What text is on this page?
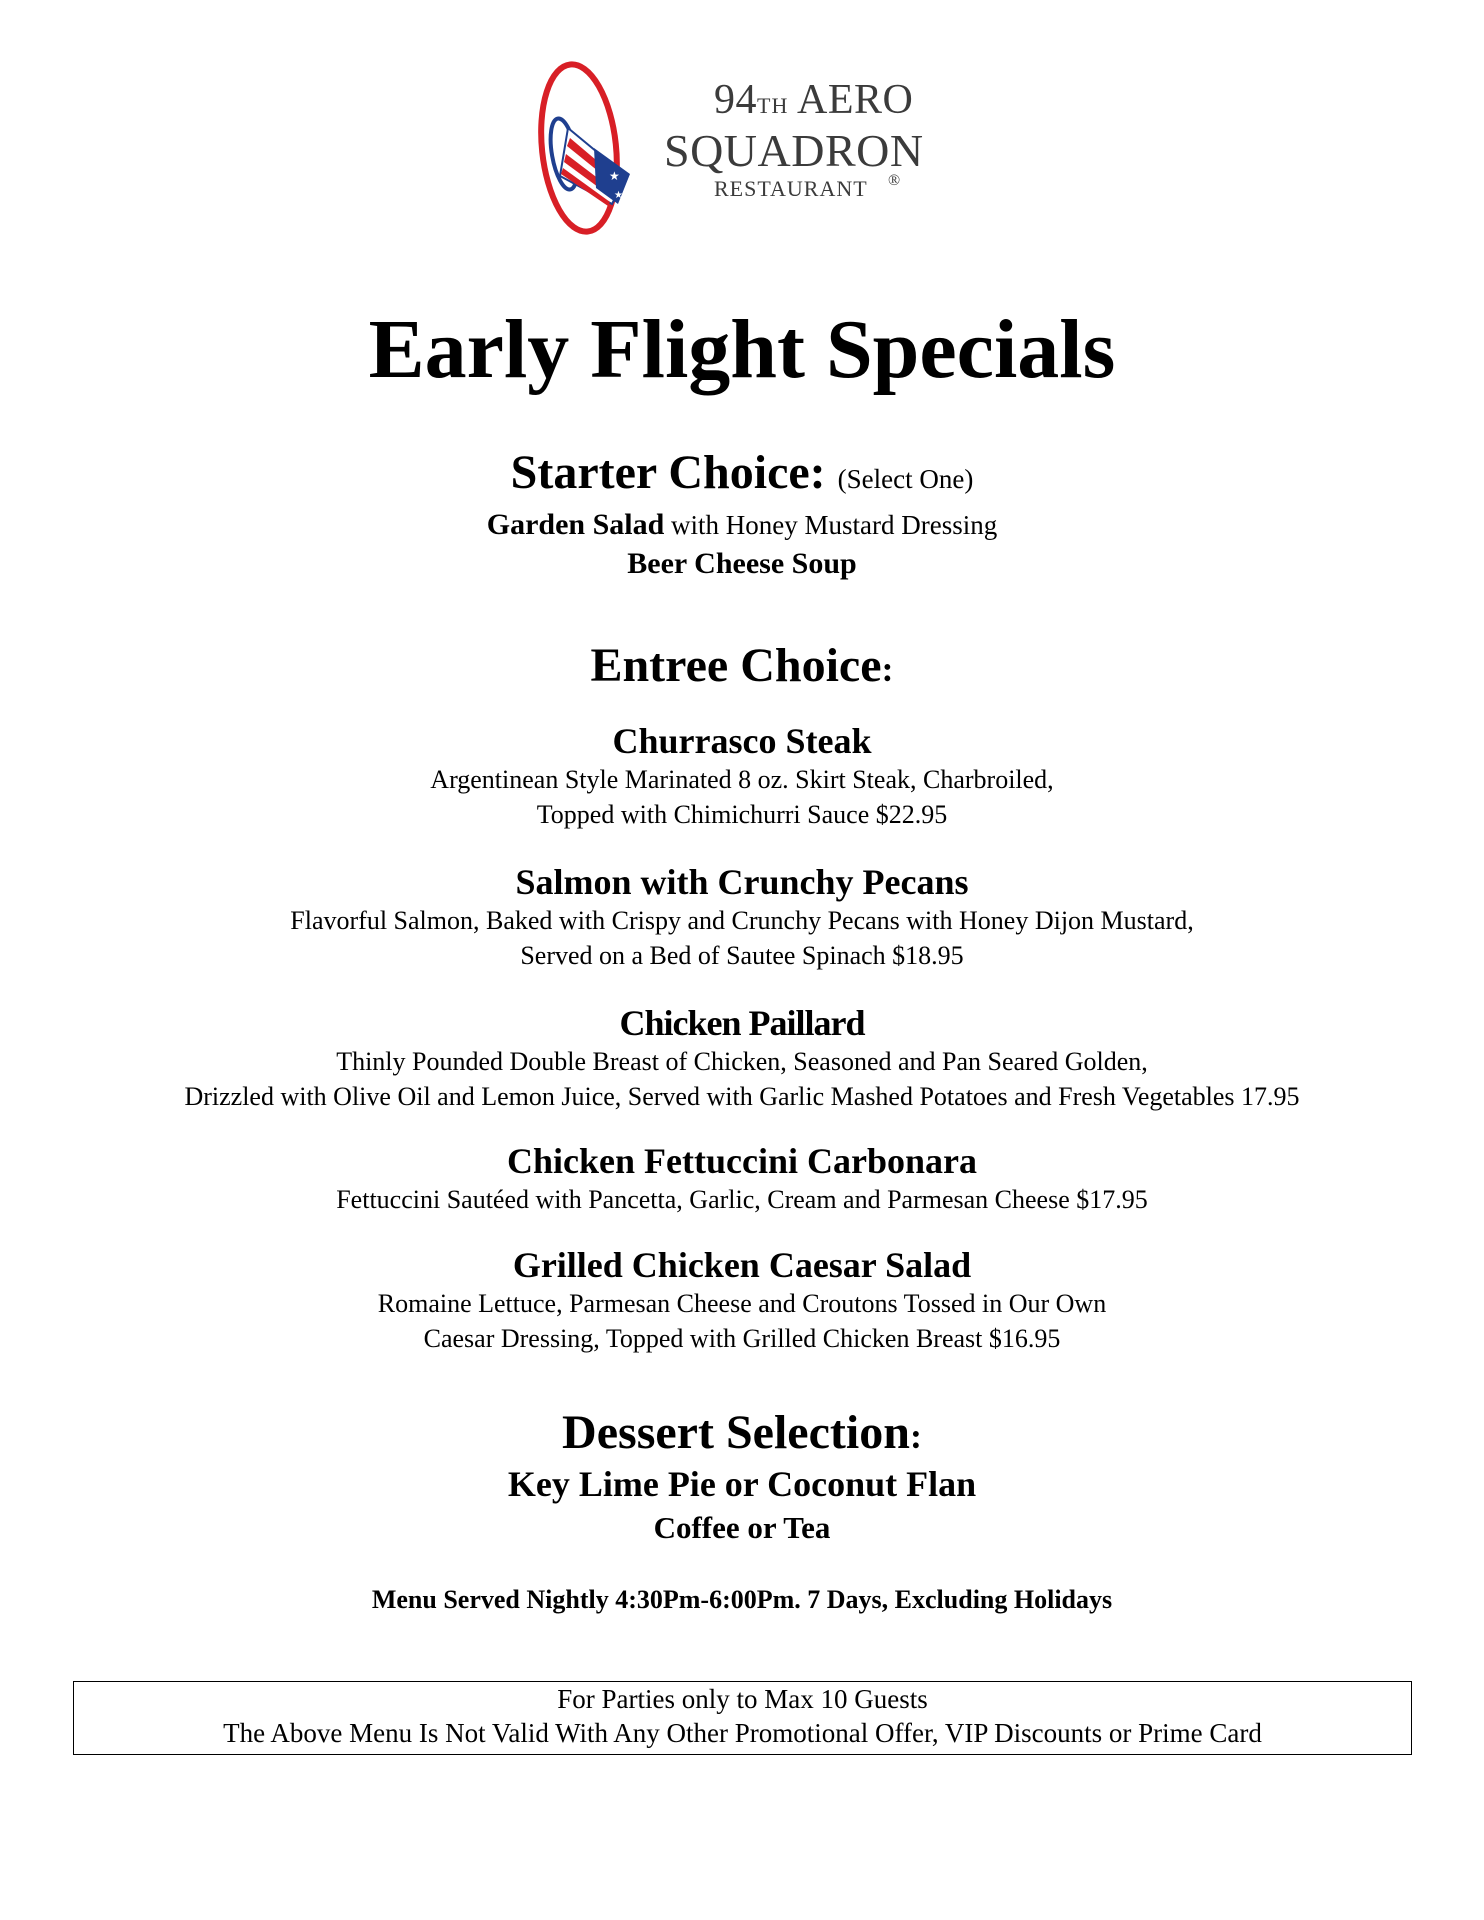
★
★
94TH AERO
SQUADRON
RESTAURANT ®
Early Flight Specials
Starter Choice: (Select One)
Garden Salad with Honey Mustard Dressing
Beer Cheese Soup
Entree Choice:
Churrasco Steak
Argentinean Style Marinated 8 oz. Skirt Steak, Charbroiled,
Topped with Chimichurri Sauce $22.95
Salmon with Crunchy Pecans
Flavorful Salmon, Baked with Crispy and Crunchy Pecans with Honey Dijon Mustard,
Served on a Bed of Sautee Spinach $18.95
Chicken Paillard
Thinly Pounded Double Breast of Chicken, Seasoned and Pan Seared Golden,
Drizzled with Olive Oil and Lemon Juice, Served with Garlic Mashed Potatoes and Fresh Vegetables 17.95
Chicken Fettuccini Carbonara
Fettuccini Sautéed with Pancetta, Garlic, Cream and Parmesan Cheese $17.95
Grilled Chicken Caesar Salad
Romaine Lettuce, Parmesan Cheese and Croutons Tossed in Our Own
Caesar Dressing, Topped with Grilled Chicken Breast $16.95
Dessert Selection:
Key Lime Pie or Coconut Flan
Coffee or Tea
Menu Served Nightly 4:30Pm-6:00Pm. 7 Days, Excluding Holidays
For Parties only to Max 10 Guests
The Above Menu Is Not Valid With Any Other Promotional Offer, VIP Discounts or Prime Card
